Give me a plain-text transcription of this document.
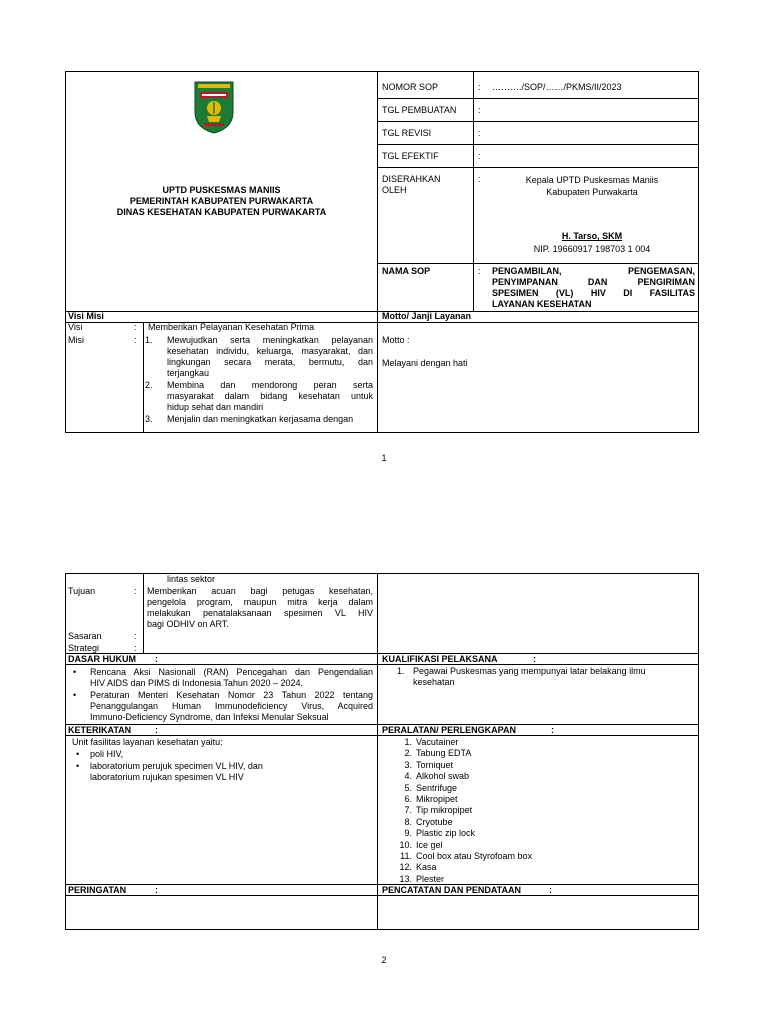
UPTD PUSKESMAS MANIIS
PEMERINTAH KABUPATEN PURWAKARTA
DINAS KESEHATAN KABUPATEN PURWAKARTA
NOMOR SOP	: ………./SOP/……/PKMS/II/2023
TGL PEMBUATAN :
TGL REVISI	:
TGL EFEKTIF	:
DISERAHKAN
OLEH
:	Kepala UPTD Puskesmas Maniis
Kabupaten Purwakarta
H. Tarso, SKM
NIP. 19660917 198703 1 004
NAMA SOP	: PENGAMBILAN, PENGEMASAN,
PENYIMPANAN DAN PENGIRIMAN
SPESIMEN (VL) HIV DI FASILITAS
LAYANAN KESEHATAN
Visi Misi	Motto/ Janji Layanan
Visi	: Memberikan Pelayanan Kesehatan Prima
Misi	: 1. Mewujudkan serta meningkatkan pelayanan
kesehatan individu, keluarga, masyarakat, dan
lingkungan secara merata, bermutu, dan
terjangkau
2. Membina dan mendorong peran serta
masyarakat dalam bidang kesehatan untuk
hidup sehat dan mandiri
3. Menjalin dan meningkatkan kerjasama dengan
Motto :
Melayani dengan hati
1
lintas sektor
Tujuan	: Memberikan acuan bagi petugas kesehatan,
pengelola program, maupun mitra kerja dalam
melakukan penatalaksanaan spesimen VL HIV
bagi ODHIV on ART.
Sasaran	:
Strategi	:
DASAR HUKUM :
• Rencana Aksi Nasionall (RAN) Pencegahan dan Pengendalian
HIV AIDS dan PIMS di Indonesia Tahun 2020 – 2024.
• Peraturan Menteri Kesehatan Nomor 23 Tahun 2022 tentang
Penanggulangan Human Immunodeficiency Virus, Acquired
Immuno-Deficiency Syndrome, dan Infeksi Menular Seksual
KUALIFIKASI PELAKSANA	:
1. Pegawai Puskesmas yang mempunyai latar belakang ilmu
kesehatan
KETERIKATAN	:
Unit fasilitas layanan kesehatan yaitu:
• poli HIV,
• laboratorium perujuk specimen VL HIV, dan
laboratorium rujukan spesimen VL HIV
PERALATAN/ PERLENGKAPAN	:
1. Vacutainer
2. Tabung EDTA
3. Torniquet
4. Alkohol swab
5. Sentrifuge
6. Mikropipet
7. Tip mikropipet
8. Cryotube
9. Plastic zip lock
10. Ice gel
11. Cool box atau Styrofoam box
12. Kasa
13. Plester
PERINGATAN	:	PENCATATAN DAN PENDATAAN	:
2
